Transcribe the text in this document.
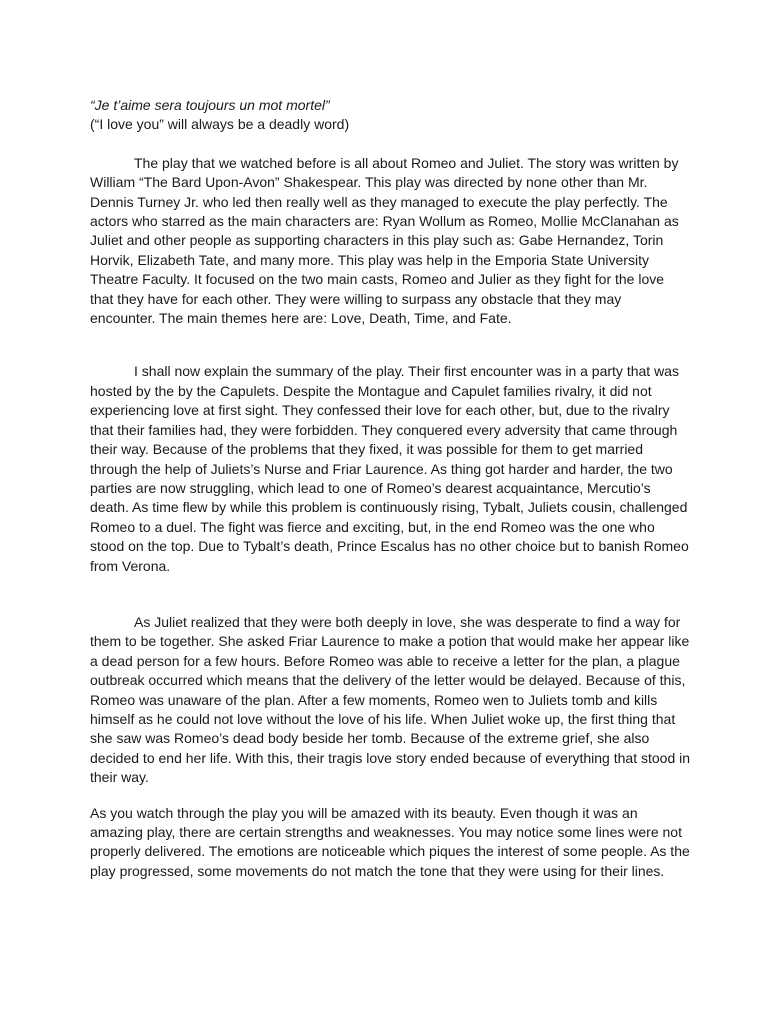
“Je t’aime sera toujours un mot mortel”

(“I love you” will always be a deadly word)

The play that we watched before is all about Romeo and Juliet. The story was written by William “The Bard Upon-Avon” Shakespear. This play was directed by none other than Mr. Dennis Turney Jr. who led then really well as they managed to execute the play perfectly. The actors who starred as the main characters are: Ryan Wollum as Romeo, Mollie McClanahan as Juliet and other people as supporting characters in this play such as: Gabe Hernandez, Torin Horvik, Elizabeth Tate, and many more. This play was help in the Emporia State University Theatre Faculty. It focused on the two main casts, Romeo and Julier as they fight for the love that they have for each other. They were willing to surpass any obstacle that they may encounter. The main themes here are: Love, Death, Time, and Fate.

I shall now explain the summary of the play. Their first encounter was in a party that was hosted by the by the Capulets. Despite the Montague and Capulet families rivalry, it did not experiencing love at first sight. They confessed their love for each other, but, due to the rivalry that their families had, they were forbidden. They conquered every adversity that came through their way. Because of the problems that they fixed, it was possible for them to get married through the help of Juliets’s Nurse and Friar Laurence. As thing got harder and harder, the two parties are now struggling, which lead to one of Romeo’s dearest acquaintance, Mercutio’s death. As time flew by while this problem is continuously rising, Tybalt, Juliets cousin, challenged Romeo to a duel. The fight was fierce and exciting, but, in the end Romeo was the one who stood on the top. Due to Tybalt’s death, Prince Escalus has no other choice but to banish Romeo from Verona.

As Juliet realized that they were both deeply in love, she was desperate to find a way for them to be together. She asked Friar Laurence to make a potion that would make her appear like a dead person for a few hours. Before Romeo was able to receive a letter for the plan, a plague outbreak occurred which means that the delivery of the letter would be delayed. Because of this, Romeo was unaware of the plan. After a few moments, Romeo wen to Juliets tomb and kills himself as he could not love without the love of his life. When Juliet woke up, the first thing that she saw was Romeo’s dead body beside her tomb. Because of the extreme grief, she also decided to end her life. With this, their tragis love story ended because of everything that stood in their way.

As you watch through the play you will be amazed with its beauty. Even though it was an amazing play, there are certain strengths and weaknesses. You may notice some lines were not properly delivered. The emotions are noticeable which piques the interest of some people. As the play progressed, some movements do not match the tone that they were using for their lines.
